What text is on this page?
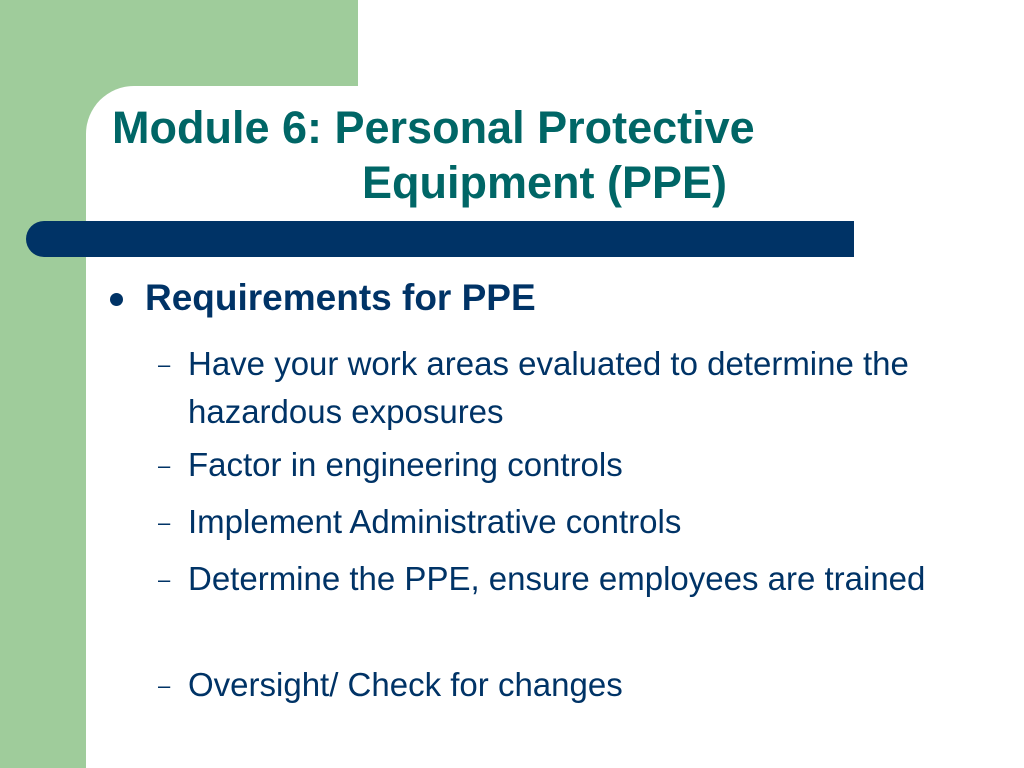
Module 6: Personal Protective
Equipment (PPE)
Requirements for PPE
– Have your work areas evaluated to determine the hazardous exposures
– Factor in engineering controls
– Implement Administrative controls
– Determine the PPE, ensure employees are trained
– Oversight/ Check for changes
